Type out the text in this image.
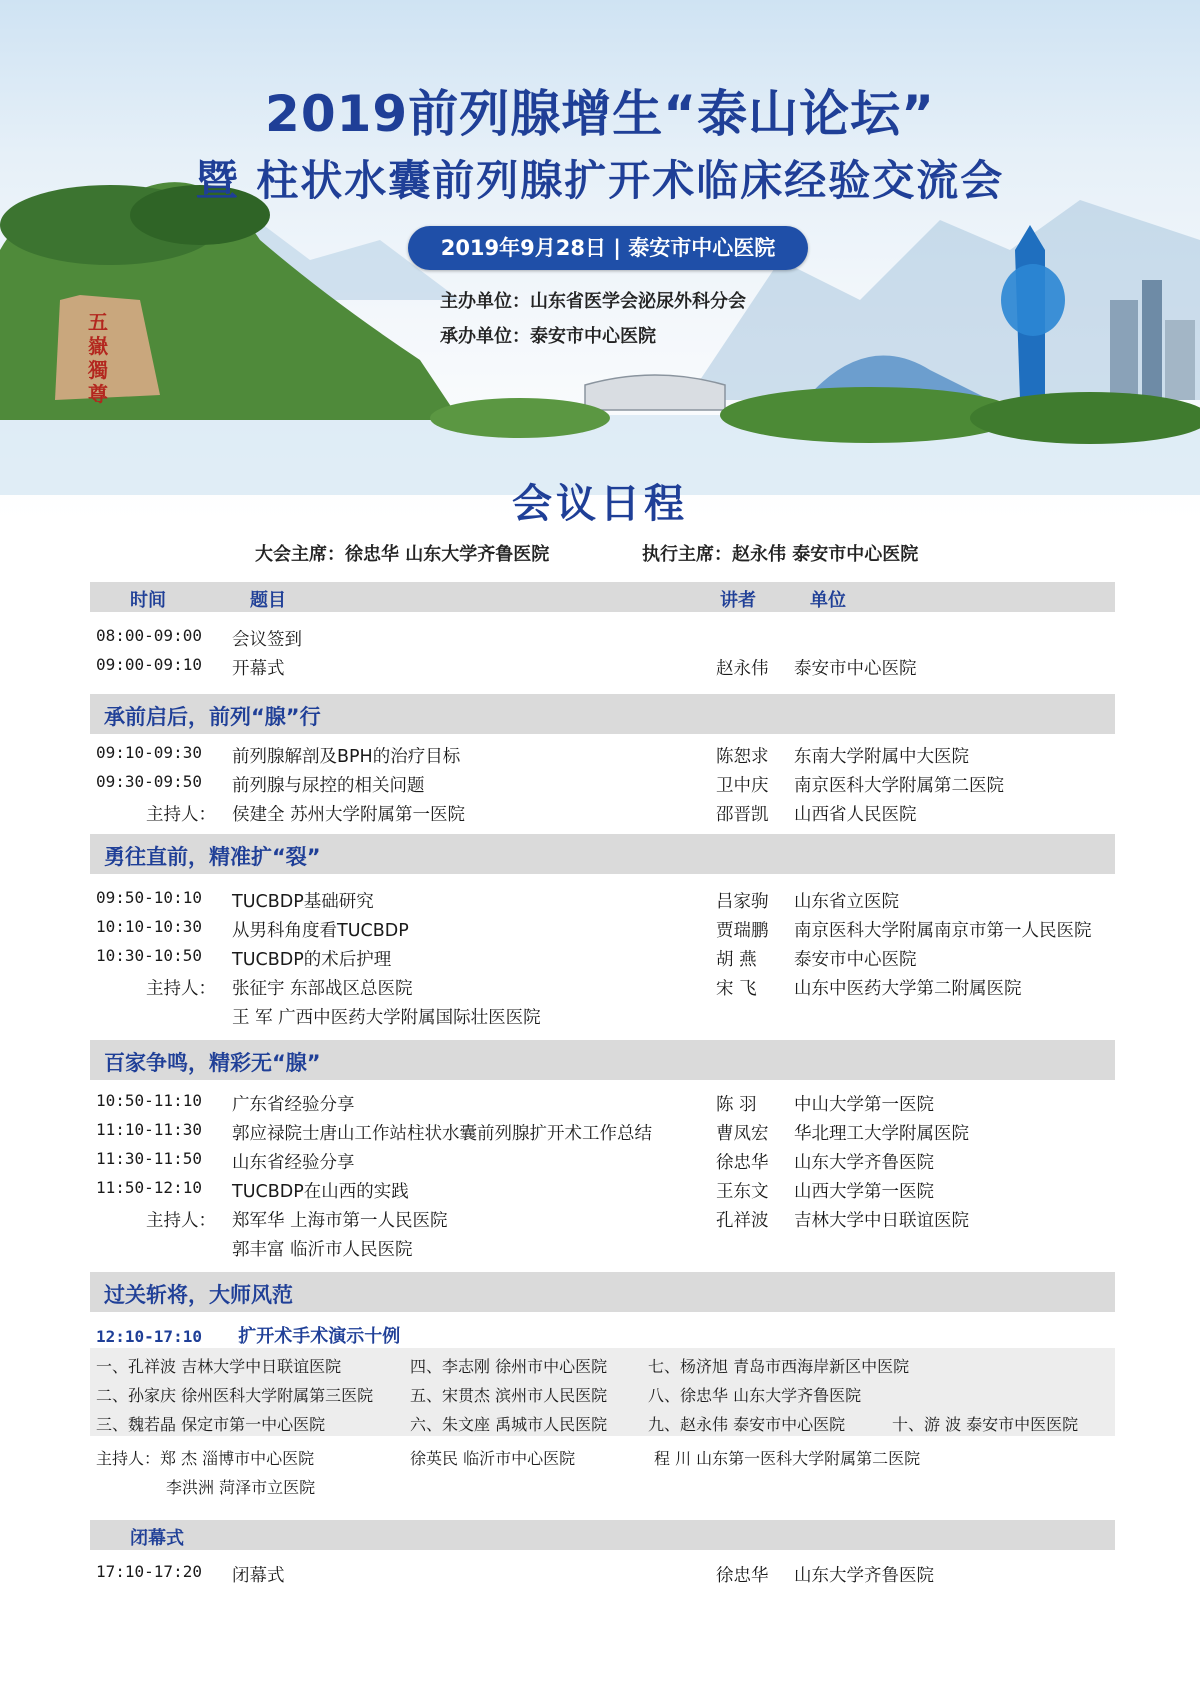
五嶽獨尊
2019前列腺增生“泰山论坛”
暨 柱状水囊前列腺扩开术临床经验交流会
2019年9月28日 | 泰安市中心医院
主办单位：山东省医学会泌尿外科分会
承办单位：泰安市中心医院
会议日程
大会主席：徐忠华 山东大学齐鲁医院	执行主席：赵永伟 泰安市中心医院
时间	题目	讲者	单位
08:00-09:00 会议签到
09:00-09:10 开幕式	赵永伟 泰安市中心医院
承前启后，前列“腺”行
09:10-09:30 前列腺解剖及BPH的治疗目标	陈恕求 东南大学附属中大医院
09:30-09:50 前列腺与尿控的相关问题	卫中庆 南京医科大学附属第二医院
主持人： 侯建全 苏州大学附属第一医院	邵晋凯 山西省人民医院
勇往直前，精准扩“裂”
09:50-10:10 TUCBDP基础研究	吕家驹 山东省立医院
10:10-10:30 从男科角度看TUCBDP	贾瑞鹏 南京医科大学附属南京市第一人民医院
10:30-10:50 TUCBDP的术后护理	胡 燕 泰安市中心医院
主持人： 张征宇 东部战区总医院	宋 飞 山东中医药大学第二附属医院
王 军 广西中医药大学附属国际壮医医院
百家争鸣，精彩无“腺”
10:50-11:10 广东省经验分享	陈 羽 中山大学第一医院
11:10-11:30 郭应禄院士唐山工作站柱状水囊前列腺扩开术工作总结	曹凤宏 华北理工大学附属医院
11:30-11:50 山东省经验分享	徐忠华 山东大学齐鲁医院
11:50-12:10 TUCBDP在山西的实践	王东文 山西大学第一医院
主持人： 郑军华 上海市第一人民医院	孔祥波 吉林大学中日联谊医院
郭丰富 临沂市人民医院
过关斩将，大师风范
12:10-17:10 扩开术手术演示十例
一、孔祥波 吉林大学中日联谊医院	四、李志刚 徐州市中心医院	七、杨济旭 青岛市西海岸新区中医院
二、孙家庆 徐州医科大学附属第三医院 五、宋贯杰 滨州市人民医院	八、徐忠华 山东大学齐鲁医院
三、魏若晶 保定市第一中心医院	六、朱文座 禹城市人民医院	九、赵永伟 泰安市中心医院	十、游 波 泰安市中医医院
主持人：郑 杰 淄博市中心医院	徐英民 临沂市中心医院	程 川 山东第一医科大学附属第二医院
李洪洲 菏泽市立医院
闭幕式
17:10-17:20 闭幕式	徐忠华 山东大学齐鲁医院
